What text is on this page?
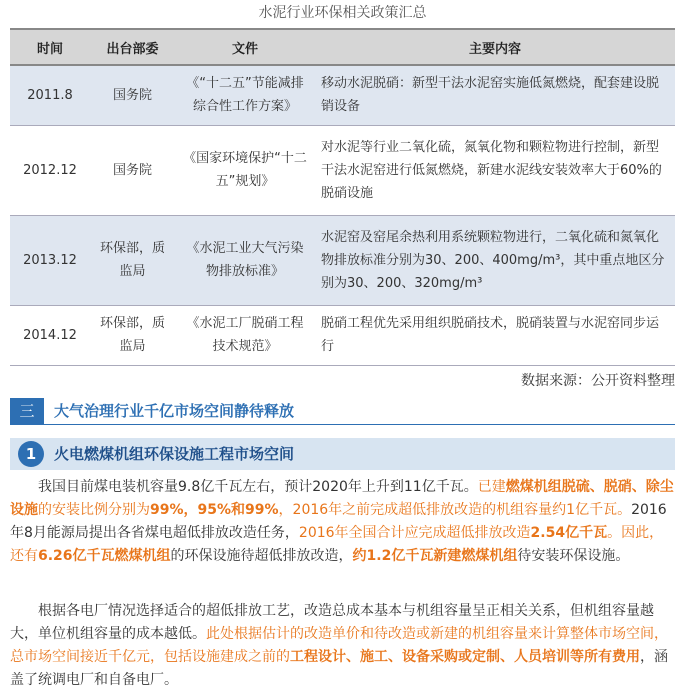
水泥行业环保相关政策汇总
时间	出台部委	文件	主要内容
2011.8	国务院	《“十二五”节能减排综合性工作方案》	移动水泥脱硝：新型干法水泥窑实施低氮燃烧，配套建设脱销设备
2012.12	国务院	《国家环境保护“十二五”规划》	对水泥等行业二氧化硫，氮氧化物和颗粒物进行控制，新型干法水泥窑进行低氮燃烧，新建水泥线安装效率大于60%的脱硝设施
2013.12	环保部，质监局	《水泥工业大气污染物排放标准》	水泥窑及窑尾余热利用系统颗粒物进行，二氧化硫和氮氧化物排放标准分别为30、200、400mg/m³，其中重点地区分别为30、200、320mg/m³
2014.12	环保部，质监局	《水泥工厂脱硝工程技术规范》	脱硝工程优先采用组织脱硝技术，脱硝装置与水泥窑同步运行
数据来源：公开资料整理
三	大气治理行业千亿市场空间静待释放
1	火电燃煤机组环保设施工程市场空间

我国目前煤电装机容量9.8亿千瓦左右，预计2020年上升到11亿千瓦。已建燃煤机组脱硫、脱硝、除尘设施的安装比例分别为99%，95%和99%，2016年之前完成超低排放改造的机组容量约1亿千瓦。2016年8月能源局提出各省煤电超低排放改造任务，2016年全国合计应完成超低排放改造2.54亿千瓦。因此，还有6.26亿千瓦燃煤机组的环保设施待超低排放改造，约1.2亿千瓦新建燃煤机组待安装环保设施。

根据各电厂情况选择适合的超低排放工艺，改造总成本基本与机组容量呈正相关关系，但机组容量越大，单位机组容量的成本越低。此处根据估计的改造单价和待改造或新建的机组容量来计算整体市场空间，总市场空间接近千亿元，包括设施建成之前的工程设计、施工、设备采购或定制、人员培训等所有费用，涵盖了统调电厂和自备电厂。
